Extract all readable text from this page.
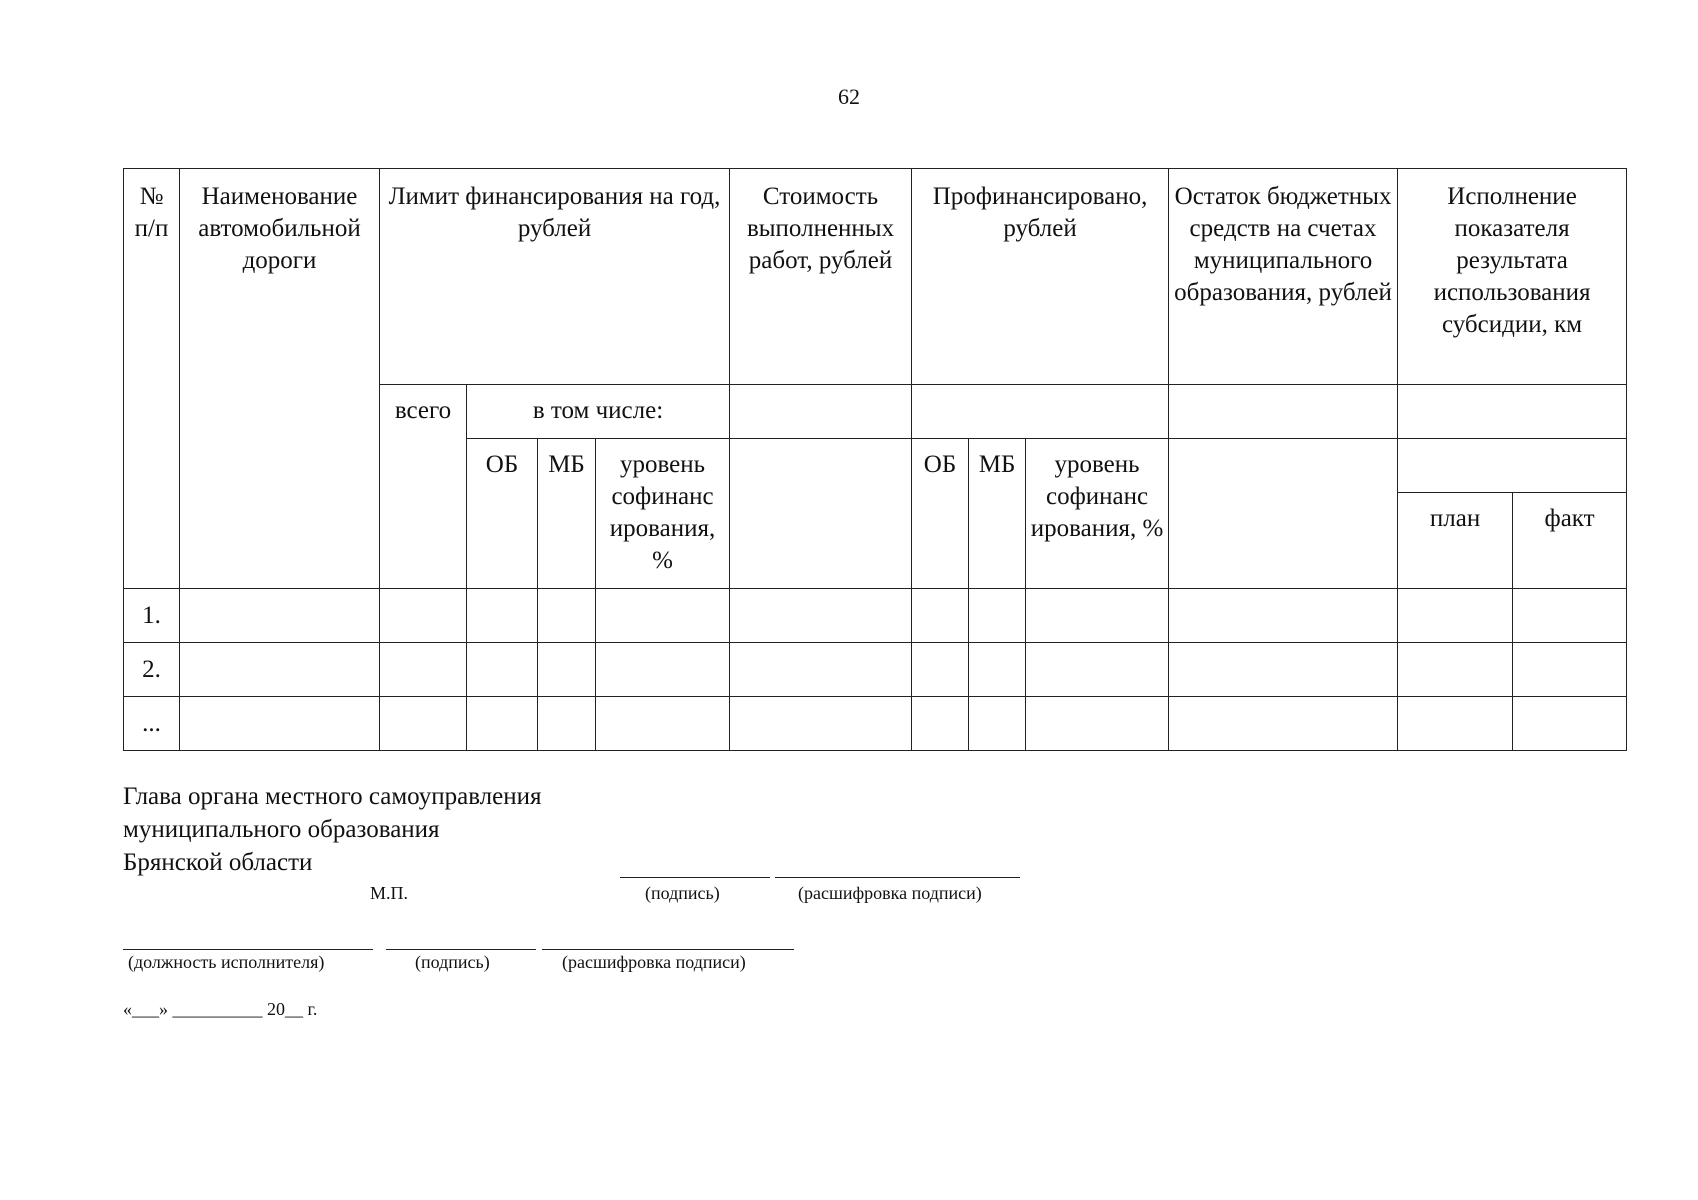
62
№ п/п	Наименование автомобильной дороги	Лимит финансирования на год, рублей				Стоимость выполненных работ, рублей	Профинансировано, рублей			Остаток бюджетных средств на счетах муниципального образования, рублей	Исполнение показателя результата использования субсидии, км	
		всего	в том числе:									
			ОБ	МБ	уровень софинанс ирования, %		ОБ	МБ	уровень софинанс ирования, %			
											план	факт
1.												
2.												
...												
Глава органа местного самоуправления
муниципального образования
Брянской области
М.П.	(подпись)	(расшифровка подписи)
(должность исполнителя)	(подпись)	(расшифровка подписи)
«___» __________ 20__ г.
